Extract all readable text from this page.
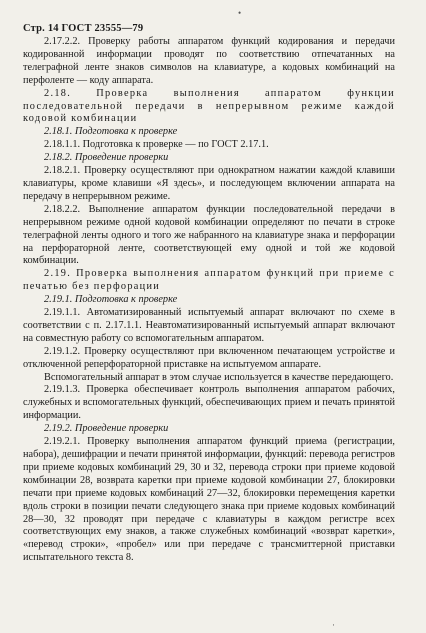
•
Стр. 14 ГОСТ 23555—79

2.17.2.2. Проверку работы аппаратом функций кодирования и передачи кодированной информации проводят по соответствию отпечатанных на телеграфной ленте знаков символов на клавиатуре, а кодовых комбинаций на перфоленте — коду аппарата.

2.18. Проверка выполнения аппаратом функции последовательной передачи в непрерывном режиме каждой кодовой комбинации

2.18.1. Подготовка к проверке

2.18.1.1. Подготовка к проверке — по ГОСТ 2.17.1.

2.18.2. Проведение проверки

2.18.2.1. Проверку осуществляют при однократном нажатии каждой клавиши клавиатуры, кроме клавиши «Я здесь», и последующем включении аппарата на передачу в непрерывном режиме.

2.18.2.2. Выполнение аппаратом функции последовательной передачи в непрерывном режиме одной кодовой комбинации определяют по печати в строке телеграфной ленты одного и того же набранного на клавиатуре знака и перфорации на перфораторной ленте, соответствующей ему одной и той же кодовой комбинации.

2.19. Проверка выполнения аппаратом функций при приеме с печатью без перфорации

2.19.1. Подготовка к проверке

2.19.1.1. Автоматизированный испытуемый аппарат включают по схеме в соответствии с п. 2.17.1.1. Неавтоматизированный испытуемый аппарат включают на совместную работу со вспомогательным аппаратом.

2.19.1.2. Проверку осуществляют при включенном печатающем устройстве и отключенной реперфораторной приставке на испытуемом аппарате.

Вспомогательный аппарат в этом случае используется в качестве передающего.

2.19.1.3. Проверка обеспечивает контроль выполнения аппаратом рабочих, служебных и вспомогательных функций, обеспечивающих прием и печать принятой информации.

2.19.2. Проведение проверки

2.19.2.1. Проверку выполнения аппаратом функций приема (регистрации, набора), дешифрации и печати принятой информации, функций: перевода регистров при приеме кодовых комбинаций 29, 30 и 32, перевода строки при приеме кодовой комбинации 28, возврата каретки при приеме кодовой комбинации 27, блокировки печати при приеме кодовых комбинаций 27—32, блокировки перемещения каретки вдоль строки в позиции печати следующего знака при приеме кодовых комбинаций 28—30, 32 проводят при передаче с клавиатуры в каждом регистре всех соответствующих ему знаков, а также служебных комбинаций «возврат каретки», «перевод строки», «пробел» или при передаче с трансмиттерной приставки испытательного текста 8.

·
